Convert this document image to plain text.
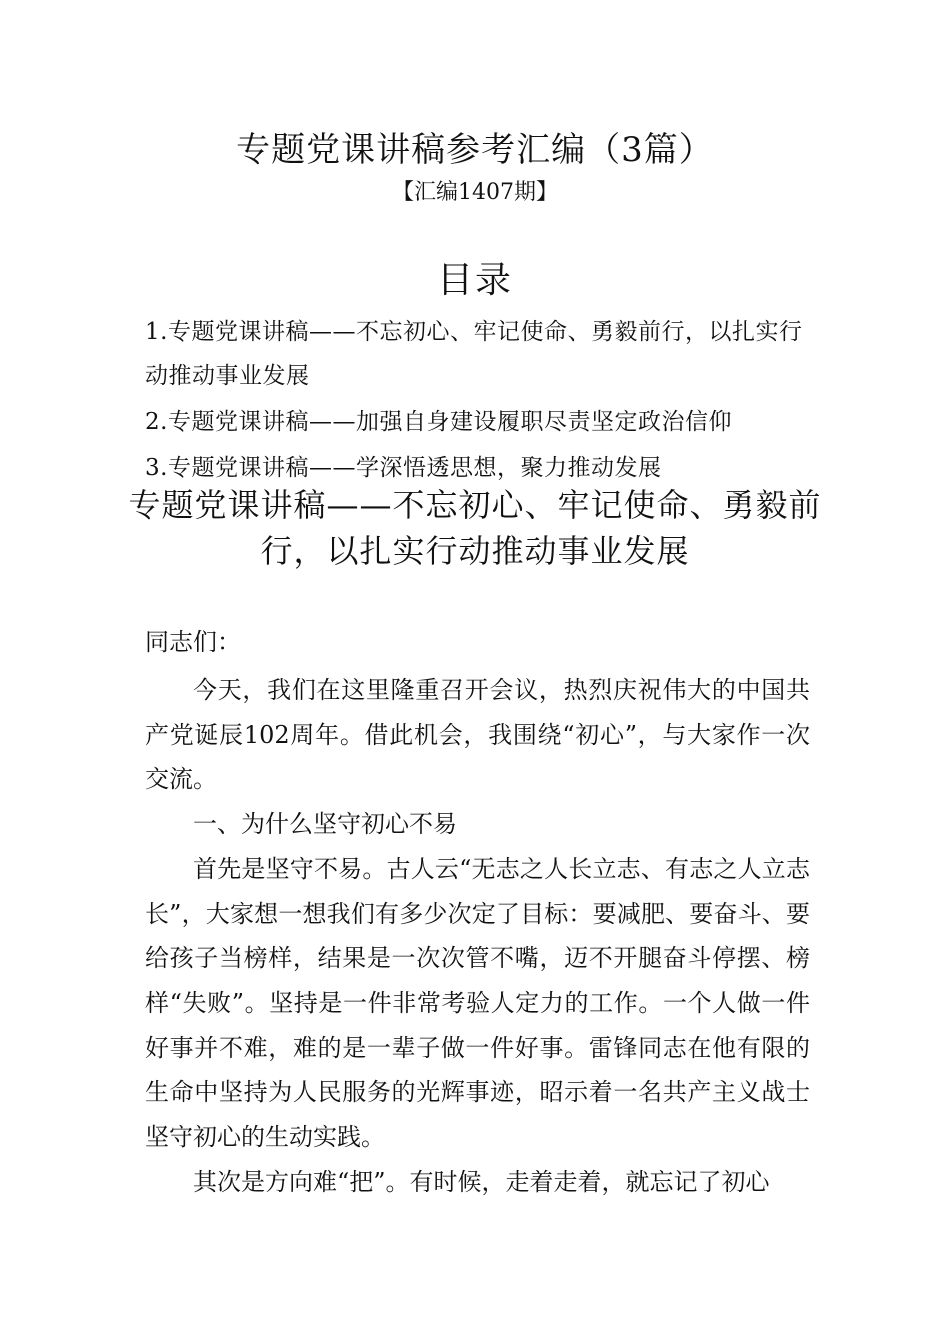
专题党课讲稿参考汇编（3篇）
【汇编1407期】
目录
1.专题党课讲稿——不忘初心、牢记使命、勇毅前行，以扎实行动推动事业发展
2.专题党课讲稿——加强自身建设履职尽责坚定政治信仰
3.专题党课讲稿——学深悟透思想，聚力推动发展
专题党课讲稿——不忘初心、牢记使命、勇毅前行，以扎实行动推动事业发展

同志们：

今天，我们在这里隆重召开会议，热烈庆祝伟大的中国共产党诞辰102周年。借此机会，我围绕“初心”，与大家作一次交流。

一、为什么坚守初心不易

首先是坚守不易。古人云“无志之人长立志、有志之人立志长”，大家想一想我们有多少次定了目标：要减肥、要奋斗、要给孩子当榜样，结果是一次次管不嘴，迈不开腿奋斗停摆、榜样“失败”。坚持是一件非常考验人定力的工作。一个人做一件好事并不难，难的是一辈子做一件好事。雷锋同志在他有限的生命中坚持为人民服务的光辉事迹，昭示着一名共产主义战士坚守初心的生动实践。

其次是方向难“把”。有时候，走着走着，就忘记了初心
